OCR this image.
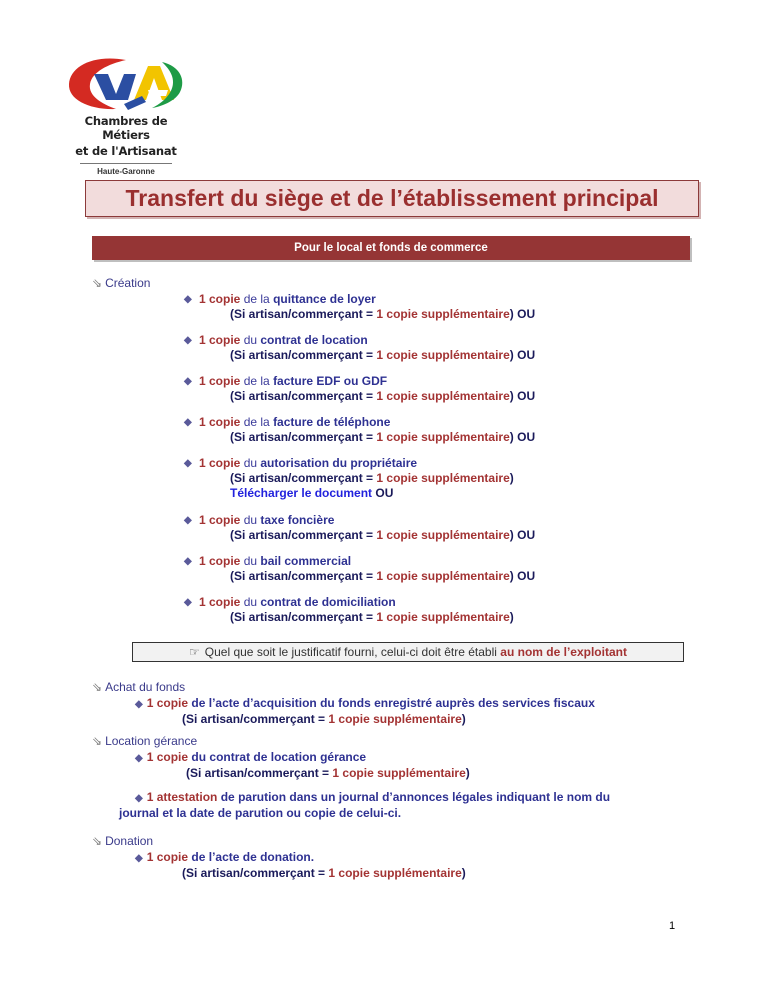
Chambres de Métiers
et de l'Artisanat
Haute-Garonne
Transfert du siège et de l’établissement principal
Pour le local et fonds de commerce
⇘ Création
◆ 1 copie de la quittance de loyer
(Si artisan/commerçant = 1 copie supplémentaire) OU
◆ 1 copie du contrat de location
(Si artisan/commerçant = 1 copie supplémentaire) OU
◆ 1 copie de la facture EDF ou GDF
(Si artisan/commerçant = 1 copie supplémentaire) OU
◆ 1 copie de la facture de téléphone
(Si artisan/commerçant = 1 copie supplémentaire) OU
◆ 1 copie du autorisation du propriétaire
(Si artisan/commerçant = 1 copie supplémentaire)
Télécharger le document OU
◆ 1 copie du taxe foncière
(Si artisan/commerçant = 1 copie supplémentaire) OU
◆ 1 copie du bail commercial
(Si artisan/commerçant = 1 copie supplémentaire) OU
◆ 1 copie du contrat de domiciliation
(Si artisan/commerçant = 1 copie supplémentaire)
☞ Quel que soit le justificatif fourni, celui-ci doit être établi
au nom de l’exploitant
⇘ Achat du fonds
◆ 1 copie de l’acte d’acquisition du fonds enregistré auprès des services fiscaux
(Si artisan/commerçant = 1 copie supplémentaire)
⇘ Location gérance
◆ 1 copie du contrat de location gérance
(Si artisan/commerçant = 1 copie supplémentaire)
◆ 1 attestation de parution dans un journal d’annonces légales indiquant le nom du
journal et la date de parution ou copie de celui-ci.
⇘ Donation
◆ 1 copie de l’acte de donation.
(Si artisan/commerçant = 1 copie supplémentaire)
1
